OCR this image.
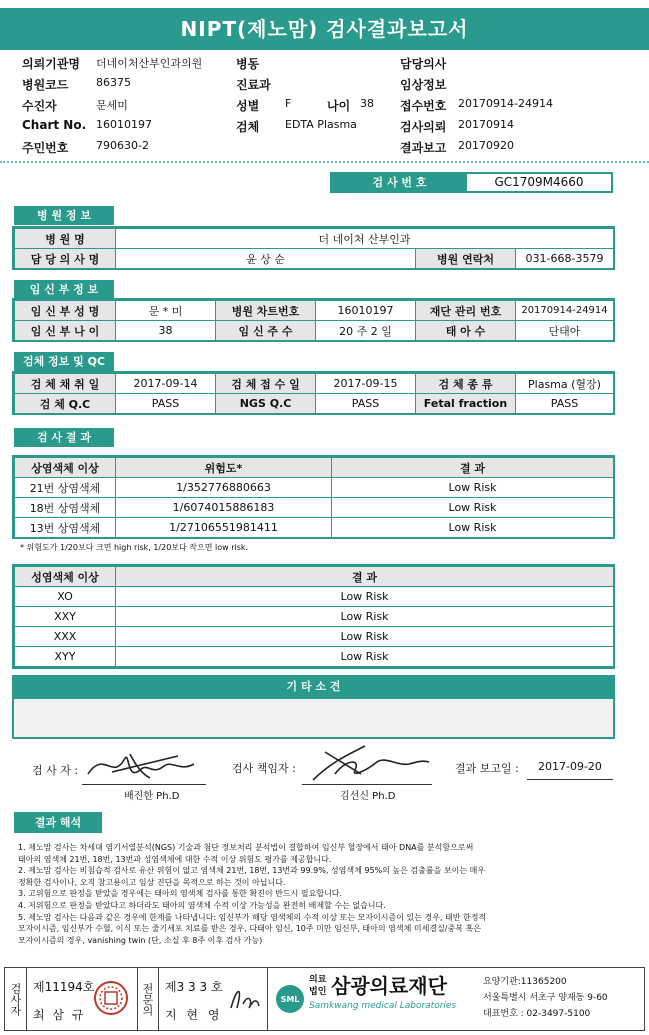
NIPT(제노맘) 검사결과보고서
의뢰기관명 더네이처산부인과의원	병동	담당의사
병원코드	86375	진료과	임상정보
수진자	문세미	성별 F	나이 38 접수번호 20170914-24914
Chart No. 16010197	검체 EDTA Plasma	검사의뢰 20170914
주민번호	790630-2	결과보고 20170920
검 사 번 호	GC1709M4660
병 원 정 보
병 원 명	더 네이처 산부인과		
담 당 의 사 명	윤 상 순	병원 연락처	031-668-3579
임 신 부 정 보
임 신 부 성 명	문 * 미	병원 차트번호	16010197	재단 관리 번호	20170914-24914
임 신 부 나 이	38	임 신 주 수	20 주 2 일	태 아 수	단태아
검체 정보 및 QC
검 체 채 취 일	2017-09-14	검 체 접 수 일	2017-09-15	검 체 종 류	Plasma (혈장)
검 체 Q.C	PASS	NGS Q.C	PASS	Fetal fraction	PASS
검 사 결 과
상염색체 이상	위험도*	결 과
21번 상염색체	1/352776880663	Low Risk
18번 상염색체	1/6074015886183	Low Risk
13번 상염색체	1/27106551981411	Low Risk
* 위험도가 1/20보다 크면 high risk, 1/20보다 작으면 low risk.
성염색체 이상	결 과
XO	Low Risk
XXY	Low Risk
XXX	Low Risk
XYY	Low Risk
기 타 소 견
검 사 자 :
배진한 Ph.D
검사 책임자 :
김선신 Ph.D
결과 보고일 : 2017-09-20
결과 해석
1. 제노맘 검사는 차세대 염기서열분석(NGS) 기술과 첨단 정보처리 분석법이 결합하여 임신부 혈장에서 태아 DNA를 분석함으로써
태아의 염색체 21번, 18번, 13번과 성염색체에 대한 수적 이상 위험도 평가를 제공합니다.
2. 제노맘 검사는 비침습적 검사로 유산 위험이 없고 염색체 21번, 18번, 13번과 99.9%, 성염색체 95%의 높은 검출률을 보이는 매우
정확한 검사이나, 오직 참고용이고 임상 진단을 목적으로 하는 것이 아닙니다.
3. 고위험으로 판정을 받았을 경우에는 태아의 염색체 검사를 통한 확진이 반드시 필요합니다.
4. 저위험으로 판정을 받았다고 하더라도 태아의 염색체 수적 이상 가능성을 완전히 배제할 수는 없습니다.
5. 제노맘 검사는 다음과 같은 경우에 한계를 나타냅니다: 임신부가 해당 염색체의 수적 이상 또는 모자이시즘이 있는 경우, 태반 한정적
모자이시즘, 임신부가 수혈, 이식 또는 줄기세포 치료를 받은 경우, 다태아 임신, 10주 미만 임신부, 태아의 염색체 미세결실/중복 혹은
모자이시즘의 경우, vanishing twin (단, 소실 후 8주 이후 검사 가능)
검사자 제11194호
최 삼 규	전문의 제3 3 3 호
지 현 영
SML
의료
법인 삼광의료재단
Samkwang medical Laboratories
요양기관:11365200
서울특별시 서초구 양재동 9-60
대표번호 : 02-3497-5100
